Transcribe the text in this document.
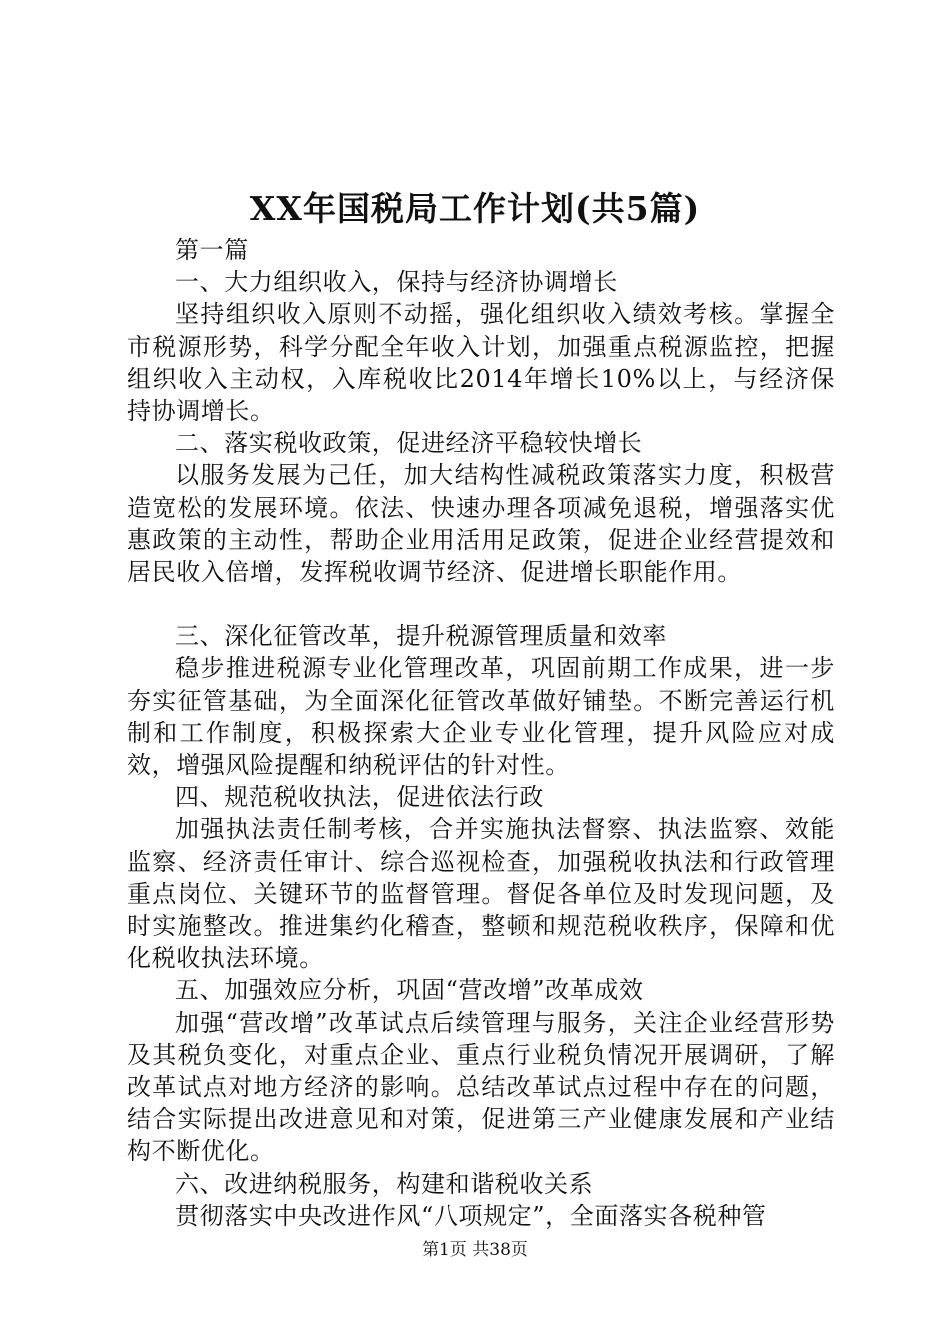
XX年国税局工作计划(共5篇)

第一篇

一、大力组织收入，保持与经济协调增长

坚持组织收入原则不动摇，强化组织收入绩效考核。掌握全市税源形势，科学分配全年收入计划，加强重点税源监控，把握组织收入主动权，入库税收比2014年增长10%以上，与经济保持协调增长。

二、落实税收政策，促进经济平稳较快增长

以服务发展为己任，加大结构性减税政策落实力度，积极营造宽松的发展环境。依法、快速办理各项减免退税，增强落实优惠政策的主动性，帮助企业用活用足政策，促进企业经营提效和居民收入倍增，发挥税收调节经济、促进增长职能作用。

三、深化征管改革，提升税源管理质量和效率

稳步推进税源专业化管理改革，巩固前期工作成果，进一步夯实征管基础，为全面深化征管改革做好铺垫。不断完善运行机制和工作制度，积极探索大企业专业化管理，提升风险应对成效，增强风险提醒和纳税评估的针对性。

四、规范税收执法，促进依法行政

加强执法责任制考核，合并实施执法督察、执法监察、效能监察、经济责任审计、综合巡视检查，加强税收执法和行政管理重点岗位、关键环节的监督管理。督促各单位及时发现问题，及时实施整改。推进集约化稽查，整顿和规范税收秩序，保障和优化税收执法环境。

五、加强效应分析，巩固“营改增”改革成效

加强“营改增”改革试点后续管理与服务，关注企业经营形势及其税负变化，对重点企业、重点行业税负情况开展调研，了解改革试点对地方经济的影响。总结改革试点过程中存在的问题，结合实际提出改进意见和对策，促进第三产业健康发展和产业结构不断优化。

六、改进纳税服务，构建和谐税收关系

贯彻落实中央改进作风“八项规定”，全面落实各税种管

第1页 共38页
